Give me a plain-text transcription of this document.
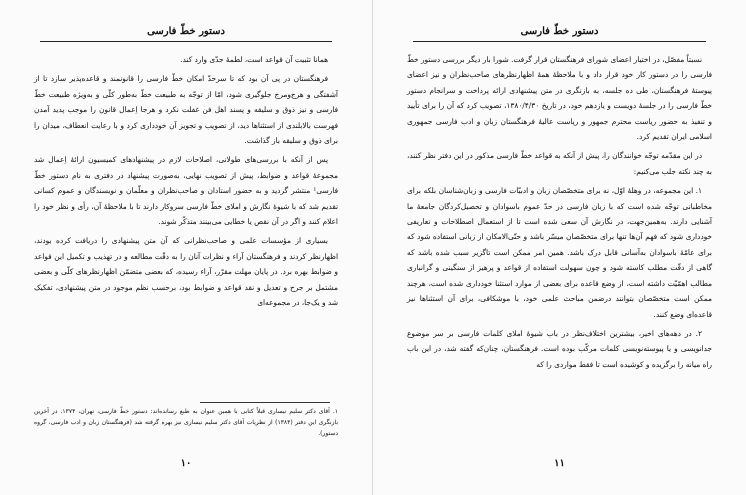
دستور خطّ فارسی

همانا تثبیت آن قواعد است، لطمهٔ جدّی وارد کند.

فرهنگستان در پی آن بود که تا سرحدّ امکان خطّ فارسی را قانونمند و قاعده‌پذیر سازد تا از آشفتگی و هرج‌ومرج جلوگیری شود، امّا از توجّه به طبیعت خطّ به‌طور کلّی و به‌ویژه طبیعت خطّ فارسی و نیز ذوق و سلیقه و پسند اهل فن غفلت نکرد و هرجا اِعمال قانون را موجب پدید آمدن فهرست بالابلندی از استثناها دید، از تصویب و تجویز آن خودداری کرد و با رعایت انعطاف، میدان را برای ذوق و سلیقه باز گذاشت.

پس از آنکه با بررسی‌های طولانی، اصلاحات لازم در پیشنهادهای کمیسیون ارائهٔ اِعمال شد مجموعهٔ قواعد و ضوابط، پیش از تصویب نهایی، به‌صورت پیشنهاد در دفتری به نام دستور خطّ فارسی¹ منتشر گردید و به حضور استادان و صاحب‌نظران و معلّمان و نویسندگان و عموم کسانی تقدیم شد که با شیوهٔ نگارش و املای خطّ فارسی سروکار دارند تا با ملاحظهٔ آن، رأی و نظر خود را اعلام کنند و اگر در آن نقص یا خطایی می‌بینند متذکّر شوند.

بسیاری از مؤسسات علمی و صاحب‌نظرانی که آن متن پیشنهادی را دریافت کرده بودند، اظهارنظر کردند و فرهنگستان آراء و نظرات آنان را به دقّت مطالعه و در تهذیب و تکمیل این قواعد و ضوابط بهره برد. در پایان مهلت مقرّر، آراء رسیده، که بعضی متضمّن اظهارنظرهای کلّی و بعضی مشتمل بر جرح و تعدیل و نقد قواعد و ضوابط بود، برحسب نظم موجود در متن پیشنهادی، تفکیک شد و یک‌جا، در مجموعه‌ای

۱. آقای دکتر سلیم نیساری قبلاً کتابی با همین عنوان به طبع رسانده‌اند: دستور خطّ فارسی، تهران، ۱۳۷۴. در آخرین بازنگری این دفتر (۱۳۸۴) از نظریات آقای دکتر سلیم نیساری نیز بهره گرفته شد (فرهنگستان زبان و ادب فارسی، گروه دستور).
۱۰
دستور خطّ فارسی

نسبتاً مفصّل، در اختیار اعضای شورای فرهنگستان قرار گرفت. شورا بار دیگر بررسی دستور خطّ فارسی را در دستور کار خود قرار داد و با ملاحظهٔ همهٔ اظهارنظرهای صاحب‌نظران و نیز اعضای پیوستهٔ فرهنگستان، طی ده جلسه، به بازنگری در متن پیشنهادی ارائه پرداخت و سرانجام دستور خطّ فارسی را در جلسهٔ دویست و یازدهم خود، در تاریخ ۱۳۸۰/۴/۳۰، تصویب کرد که آن را برای تأیید و تنفیذ به حضور ریاست محترم جمهور و ریاست عالیهٔ فرهنگستان زبان و ادب فارسی جمهوری اسلامی ایران تقدیم کرد.

در این مقدّمه توجّه خوانندگان را، پیش از آنکه به قواعد خطّ فارسی مذکور در این دفتر نظر کنند، به چند نکته جلب می‌کنیم:

۱. این مجموعه، در وهلهٔ اوّل، نه برای متخصّصان زبان و ادبیّات فارسی و زبان‌شناسان بلکه برای مخاطبانی توجّه شده است که با زبان فارسی در حدّ عموم باسوادان و تحصیل‌کردگان جامعهٔ ما آشنایی دارند. به‌همین‌جهت، در نگارش آن سعی شده است تا از استعمال اصطلاحات و تعاریفی خودداری شود که فهم آن‌ها تنها برای متخصّصان میسّر باشد و حتّی‌الامکان از زبانی استفاده شود که برای عامّهٔ باسوادان به‌آسانی قابل درک باشد. همین امر ممکن است تاگزیر سبب شده باشد که گاهی از دقّت مطلب کاسته شود و چون سهولت استفاده از قواعد و پرهیز از سنگینی و گرانباری مطالب اهمّیّت داشته است، از وضع قاعده برای بعضی از موارد استثنا خودداری شده است، هرچند ممکن است متخصّصان بتوانند درضمن مباحث علمی خود، با موشکافی، برای آن استثناها نیز قاعده‌ای وضع کنند.

۲. در دهه‌های اخیر، بیشترین اختلاف‌نظر در باب شیوهٔ املای کلمات فارسی بر سر موضوع جدانویسی و یا پیوسته‌نویسی کلمات مرکّب بوده است. فرهنگستان، چنان‌که گفته شد، در این باب راه میانه را برگزیده و کوشیده است تا فقط مواردی را که

۱۱
